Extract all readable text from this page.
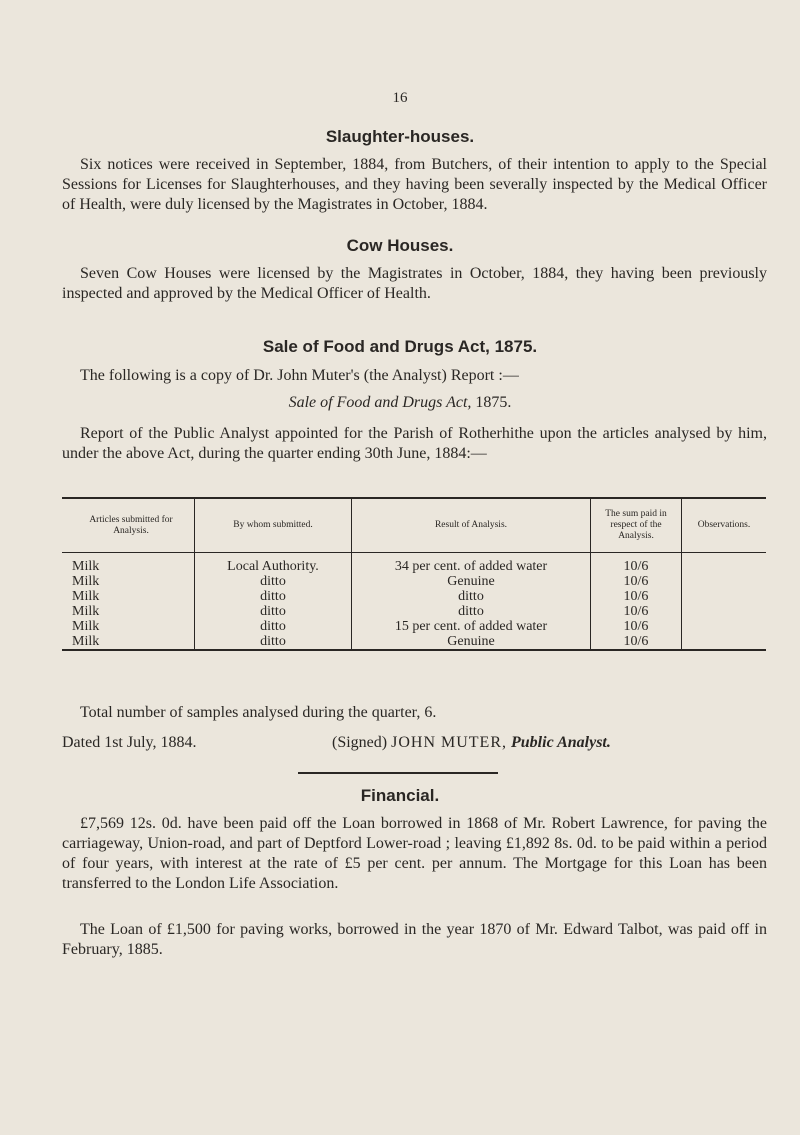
16
Slaughter-houses.
Six notices were received in September, 1884, from Butchers, of their intention to apply to the Special Sessions for Licenses for Slaughterhouses, and they having been severally inspected by the Medical Officer of Health, were duly licensed by the Magistrates in October, 1884.
Cow Houses.
Seven Cow Houses were licensed by the Magistrates in October, 1884, they having been previously inspected and approved by the Medical Officer of Health.
Sale of Food and Drugs Act, 1875.
The following is a copy of Dr. John Muter's (the Analyst) Report :—
Sale of Food and Drugs Act, 1875.
Report of the Public Analyst appointed for the Parish of Rotherhithe upon the articles analysed by him, under the above Act, during the quarter ending 30th June, 1884:—
Articles submitted for Analysis.	By whom submitted.	Result of Analysis.	The sum paid in respect of the Analysis.	Observations.
Milk	Local Authority.	34 per cent. of added water	10/6	
Milk	ditto	Genuine	10/6	
Milk	ditto	ditto	10/6	
Milk	ditto	ditto	10/6	
Milk	ditto	15 per cent. of added water	10/6	
Milk	ditto	Genuine	10/6	
Total number of samples analysed during the quarter, 6.
Dated 1st July, 1884.	(Signed) JOHN MUTER, Public Analyst.
Financial.
£7,569 12s. 0d. have been paid off the Loan borrowed in 1868 of Mr. Robert Lawrence, for paving the carriageway, Union-road, and part of Deptford Lower-road ; leaving £1,892 8s. 0d. to be paid within a period of four years, with interest at the rate of £5 per cent. per annum. The Mortgage for this Loan has been transferred to the London Life Association.
The Loan of £1,500 for paving works, borrowed in the year 1870 of Mr. Edward Talbot, was paid off in February, 1885.
